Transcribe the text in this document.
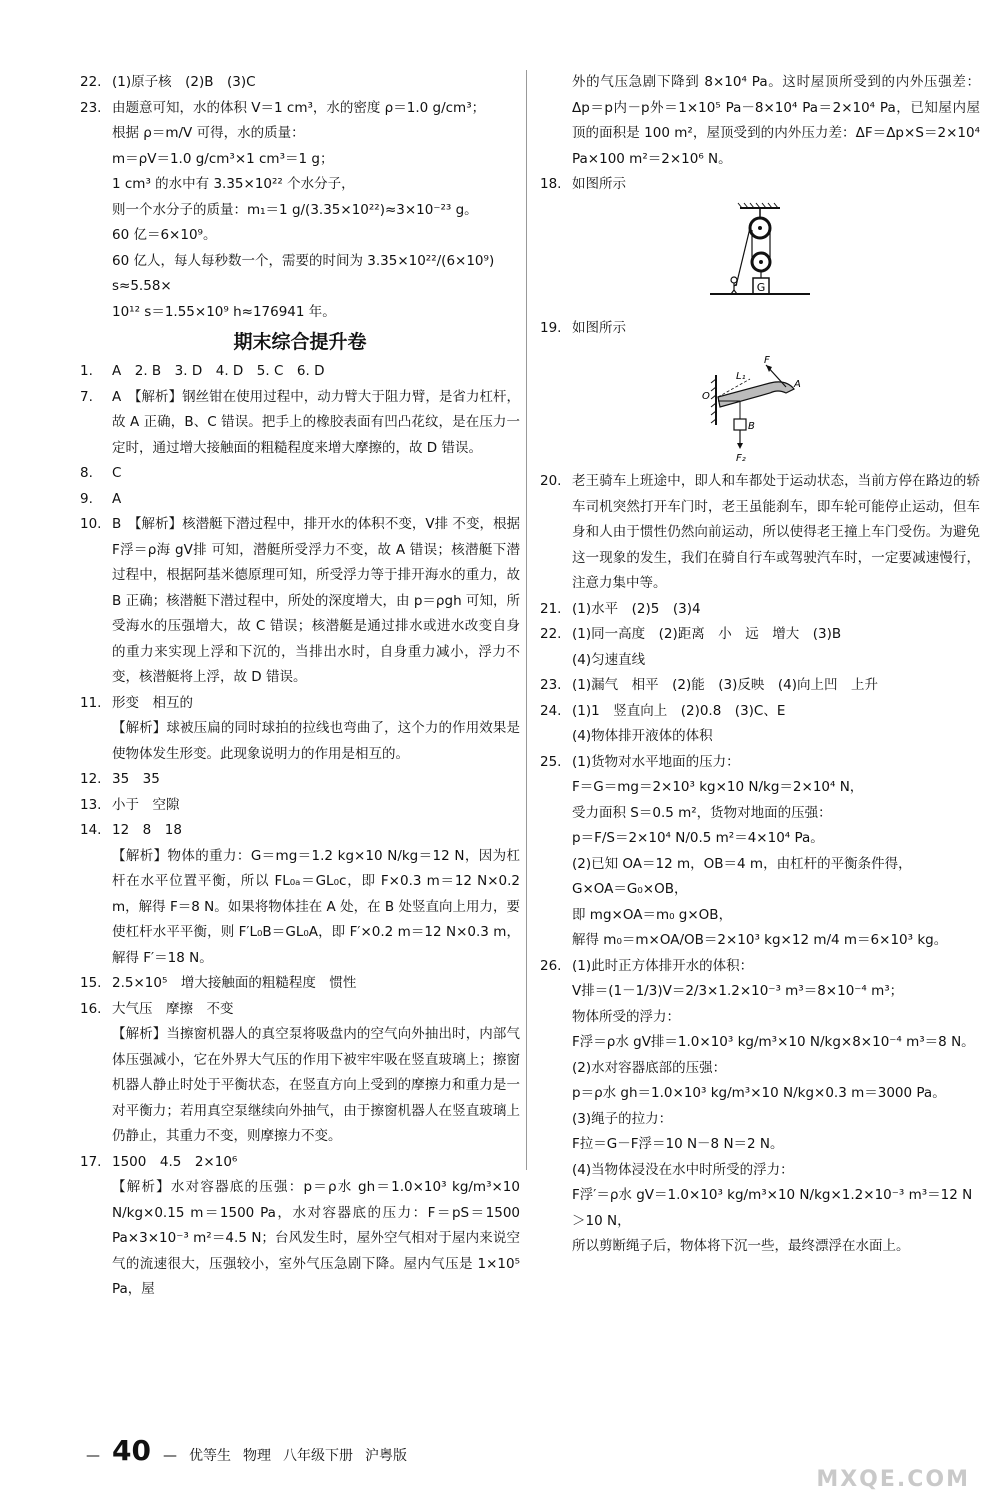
22. (1)原子核　(2)B　(3)C
23. 由题意可知，水的体积 V＝1 cm³，水的密度 ρ＝1.0 g/cm³；
根据 ρ＝m/V 可得，水的质量：
m＝ρV＝1.0 g/cm³×1 cm³＝1 g；
1 cm³ 的水中有 3.35×10²² 个水分子，
则一个水分子的质量：m₁＝1 g/(3.35×10²²)≈3×10⁻²³ g。
60 亿＝6×10⁹。
60 亿人，每人每秒数一个，需要的时间为 3.35×10²²/(6×10⁹) s≈5.58×
10¹² s＝1.55×10⁹ h≈176941 年。
期末综合提升卷
1.	A　2. B　3. D　4. D　5. C　6. D
7.	A　【解析】钢丝钳在使用过程中，动力臂大于阻力臂，是省力杠杆，故 A 正确，B、C 错误。把手上的橡胶表面有凹凸花纹，是在压力一定时，通过增大接触面的粗糙程度来增大摩擦的，故 D 错误。
8.	C
9.	A
10. B　【解析】核潜艇下潜过程中，排开水的体积不变，V排 不变，根据 F浮＝ρ海 gV排 可知，潜艇所受浮力不变，故 A 错误；核潜艇下潜过程中，根据阿基米德原理可知，所受浮力等于排开海水的重力，故 B 正确；核潜艇下潜过程中，所处的深度增大，由 p＝ρgh 可知，所受海水的压强增大，故 C 错误；核潜艇是通过排水或进水改变自身的重力来实现上浮和下沉的，当排出水时，自身重力减小，浮力不变，核潜艇将上浮，故 D 错误。
11. 形变　相互的
【解析】球被压扁的同时球拍的拉线也弯曲了，这个力的作用效果是使物体发生形变。此现象说明力的作用是相互的。
12. 35　35
13. 小于　空隙
14. 12　8　18
【解析】物体的重力：G＝mg＝1.2 kg×10 N/kg＝12 N，因为杠杆在水平位置平衡，所以 FL₀ₐ＝GL₀c，即 F×0.3 m＝12 N×0.2 m，解得 F＝8 N。如果将物体挂在 A 处，在 B 处竖直向上用力，要使杠杆水平平衡，则 F′L₀B＝GL₀A，即 F′×0.2 m＝12 N×0.3 m，解得 F′＝18 N。
15. 2.5×10⁵　增大接触面的粗糙程度　惯性
16. 大气压　摩擦　不变
【解析】当擦窗机器人的真空泵将吸盘内的空气向外抽出时，内部气体压强减小，它在外界大气压的作用下被牢牢吸在竖直玻璃上；擦窗机器人静止时处于平衡状态，在竖直方向上受到的摩擦力和重力是一对平衡力；若用真空泵继续向外抽气，由于擦窗机器人在竖直玻璃上仍静止，其重力不变，则摩擦力不变。
17. 1500　4.5　2×10⁶
【解析】水对容器底的压强：p＝ρ水 gh＝1.0×10³ kg/m³×10 N/kg×0.15 m＝1500 Pa，水对容器底的压力：F＝pS＝1500 Pa×3×10⁻³ m²＝4.5 N；台风发生时，屋外空气相对于屋内来说空气的流速很大，压强较小，室外气压急剧下降。屋内气压是 1×10⁵ Pa，屋
外的气压急剧下降到 8×10⁴ Pa。这时屋顶所受到的内外压强差：Δp＝p内－p外＝1×10⁵ Pa－8×10⁴ Pa＝2×10⁴ Pa，已知屋内屋顶的面积是 100 m²，屋顶受到的内外压力差：ΔF＝Δp×S＝2×10⁴ Pa×100 m²＝2×10⁶ N。
18. 如图所示
G
19. 如图所示
F
L₁
A
O
B
F₂
20. 老王骑车上班途中，即人和车都处于运动状态，当前方停在路边的轿车司机突然打开车门时，老王虽能刹车，即车轮可能停止运动，但车身和人由于惯性仍然向前运动，所以使得老王撞上车门受伤。为避免这一现象的发生，我们在骑自行车或驾驶汽车时，一定要减速慢行，注意力集中等。
21. (1)水平　(2)5　(3)4
22. (1)同一高度　(2)距离　小　远　增大　(3)B
(4)匀速直线
23. (1)漏气　相平　(2)能　(3)反映　(4)向上凹　上升
24. (1)1　竖直向上　(2)0.8　(3)C、E
(4)物体排开液体的体积
25. (1)货物对水平地面的压力：
F＝G＝mg＝2×10³ kg×10 N/kg＝2×10⁴ N，
受力面积 S＝0.5 m²，货物对地面的压强：
p＝F/S＝2×10⁴ N/0.5 m²＝4×10⁴ Pa。
(2)已知 OA＝12 m，OB＝4 m，由杠杆的平衡条件得，
G×OA＝G₀×OB，
即 mg×OA＝m₀ g×OB，
解得 m₀＝m×OA/OB＝2×10³ kg×12 m/4 m＝6×10³ kg。
26. (1)此时正方体排开水的体积：
V排＝(1－1/3)V＝2/3×1.2×10⁻³ m³＝8×10⁻⁴ m³；
物体所受的浮力：
F浮＝ρ水 gV排＝1.0×10³ kg/m³×10 N/kg×8×10⁻⁴ m³＝8 N。
(2)水对容器底部的压强：
p＝ρ水 gh＝1.0×10³ kg/m³×10 N/kg×0.3 m＝3000 Pa。
(3)绳子的拉力：
F拉＝G－F浮＝10 N－8 N＝2 N。
(4)当物体浸没在水中时所受的浮力：
F浮′＝ρ水 gV＝1.0×10³ kg/m³×10 N/kg×1.2×10⁻³ m³＝12 N＞10 N，
所以剪断绳子后，物体将下沉一些，最终漂浮在水面上。
— 40 — 优等生 物理 八年级下册 沪粤版
MXQE.COM
